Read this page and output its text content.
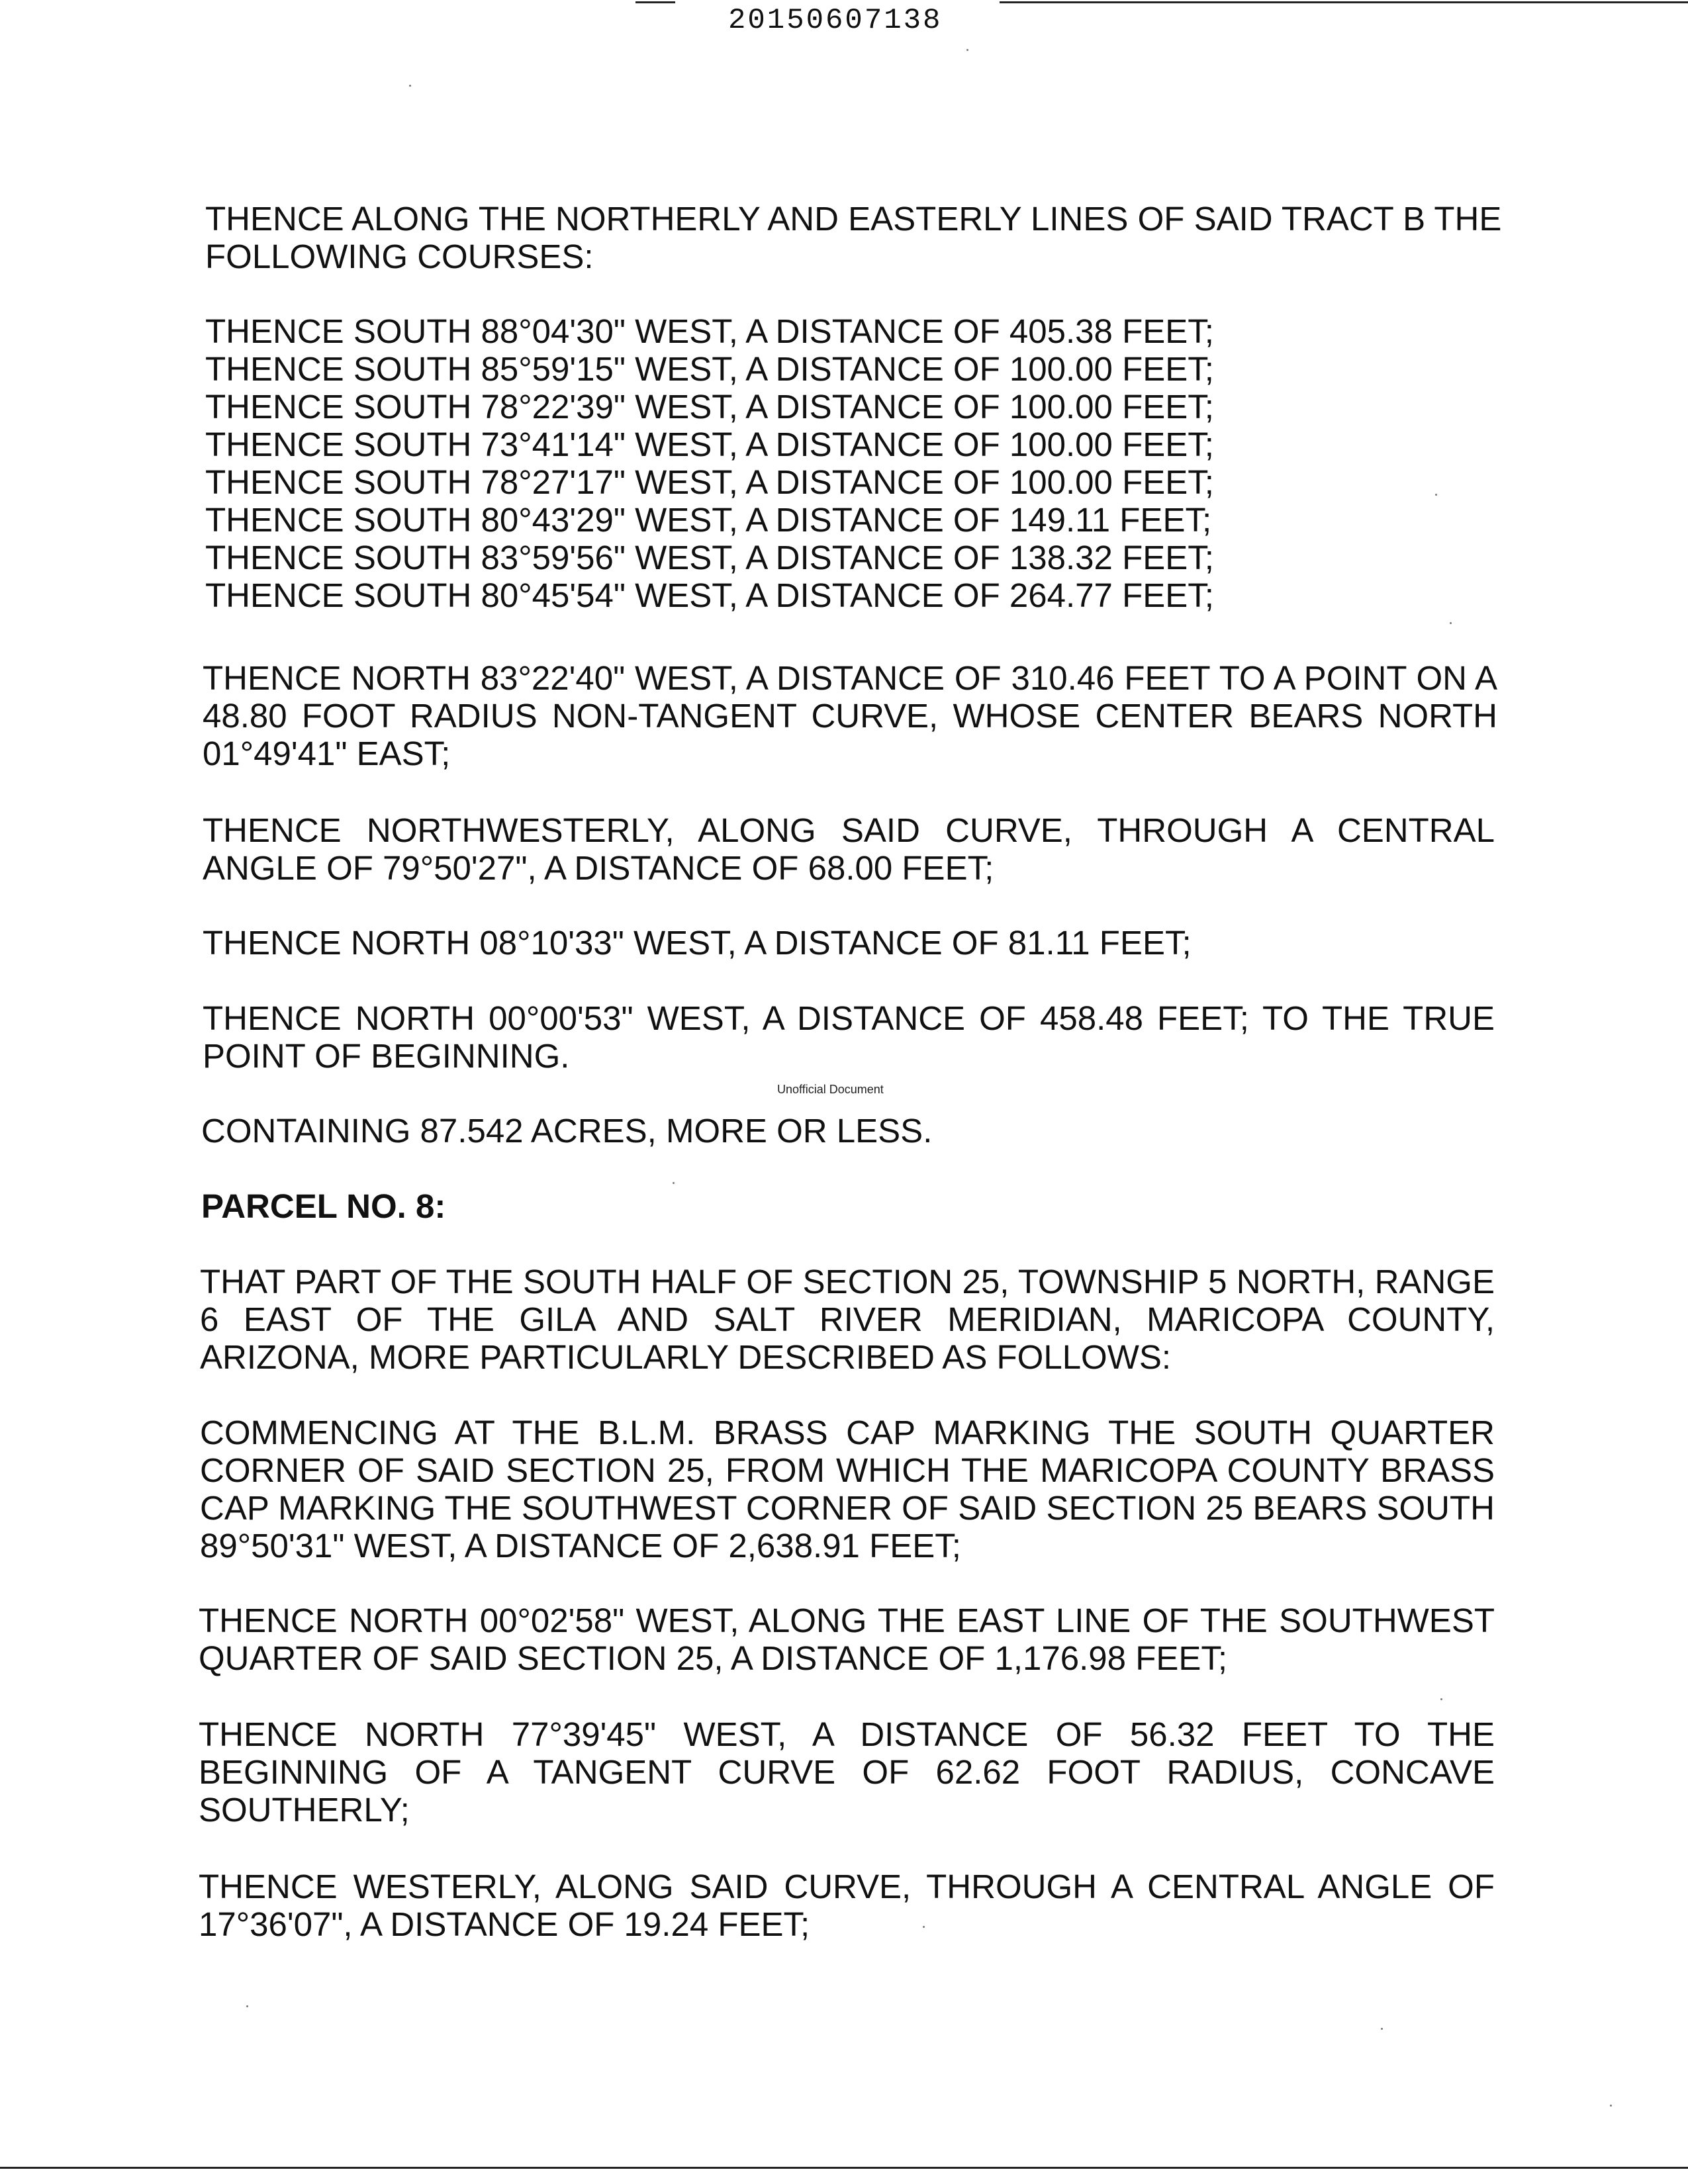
20150607138
THENCE ALONG THE NORTHERLY AND EASTERLY LINES OF SAID TRACT B THE
FOLLOWING COURSES:
THENCE SOUTH 88°04'30" WEST, A DISTANCE OF 405.38 FEET;
THENCE SOUTH 85°59'15" WEST, A DISTANCE OF 100.00 FEET;
THENCE SOUTH 78°22'39" WEST, A DISTANCE OF 100.00 FEET;
THENCE SOUTH 73°41'14" WEST, A DISTANCE OF 100.00 FEET;
THENCE SOUTH 78°27'17" WEST, A DISTANCE OF 100.00 FEET;
THENCE SOUTH 80°43'29" WEST, A DISTANCE OF 149.11 FEET;
THENCE SOUTH 83°59'56" WEST, A DISTANCE OF 138.32 FEET;
THENCE SOUTH 80°45'54" WEST, A DISTANCE OF 264.77 FEET;
THENCE NORTH 83°22'40" WEST, A DISTANCE OF 310.46 FEET TO A POINT ON A
48.80 FOOT RADIUS NON-TANGENT CURVE, WHOSE CENTER BEARS NORTH
01°49'41" EAST;
THENCE NORTHWESTERLY, ALONG SAID CURVE, THROUGH A CENTRAL
ANGLE OF 79°50'27", A DISTANCE OF 68.00 FEET;
THENCE NORTH 08°10'33" WEST, A DISTANCE OF 81.11 FEET;
THENCE NORTH 00°00'53" WEST, A DISTANCE OF 458.48 FEET; TO THE TRUE
POINT OF BEGINNING.
CONTAINING 87.542 ACRES, MORE OR LESS.
PARCEL NO. 8:
THAT PART OF THE SOUTH HALF OF SECTION 25, TOWNSHIP 5 NORTH, RANGE
6 EAST OF THE GILA AND SALT RIVER MERIDIAN, MARICOPA COUNTY,
ARIZONA, MORE PARTICULARLY DESCRIBED AS FOLLOWS:
COMMENCING AT THE B.L.M. BRASS CAP MARKING THE SOUTH QUARTER
CORNER OF SAID SECTION 25, FROM WHICH THE MARICOPA COUNTY BRASS
CAP MARKING THE SOUTHWEST CORNER OF SAID SECTION 25 BEARS SOUTH
89°50'31" WEST, A DISTANCE OF 2,638.91 FEET;
THENCE NORTH 00°02'58" WEST, ALONG THE EAST LINE OF THE SOUTHWEST
QUARTER OF SAID SECTION 25, A DISTANCE OF 1,176.98 FEET;
THENCE NORTH 77°39'45" WEST, A DISTANCE OF 56.32 FEET TO THE
BEGINNING OF A TANGENT CURVE OF 62.62 FOOT RADIUS, CONCAVE
SOUTHERLY;
THENCE WESTERLY, ALONG SAID CURVE, THROUGH A CENTRAL ANGLE OF
17°36'07", A DISTANCE OF 19.24 FEET;
Unofficial Document
